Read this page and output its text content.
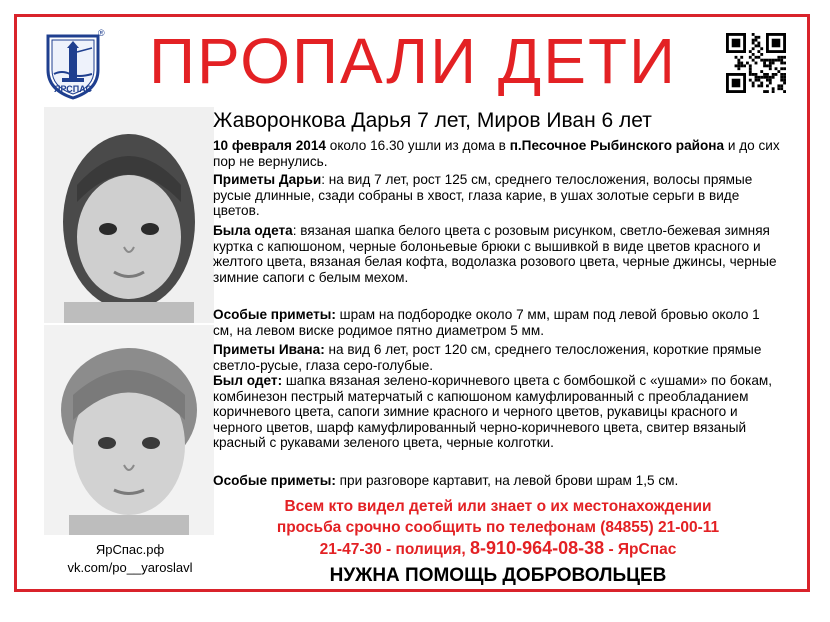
ЯРСПАС
® ПРОПАЛИ ДЕТИ
ЯрСпас.рф
vk.com/po__yaroslavl
Жаворонкова Дарья 7 лет, Миров Иван 6 лет
10 февраля 2014 около 16.30 ушли из дома в п.Песочное Рыбинского района и до сих пор не вернулись.
Приметы Дарьи: на вид 7 лет, рост 125 см, среднего телосложения, волосы прямые русые длинные, сзади собраны в хвост, глаза карие, в ушах золотые серьги в виде цветов.
Была одета: вязаная шапка белого цвета с розовым рисунком, светло-бежевая зимняя куртка с капюшоном, черные болоньевые брюки с вышивкой в виде цветов красного и желтого цвета, вязаная белая кофта, водолазка розового цвета, черные джинсы, черные зимние сапоги с белым мехом.
Особые приметы: шрам на подбородке около 7 мм, шрам под левой бровью около 1 см, на левом виске родимое пятно диаметром 5 мм.
Приметы Ивана: на вид 6 лет, рост 120 см, среднего телосложения, короткие прямые светло-русые, глаза серо-голубые.
Был одет: шапка вязаная зелено-коричневого цвета с бомбошкой с «ушами» по бокам, комбинезон пестрый матерчатый с капюшоном камуфлированный с преобладанием коричневого цвета, сапоги зимние красного и черного цветов, рукавицы красного и черного цветов, шарф камуфлированный черно-коричневого цвета, свитер вязаный красный с рукавами зеленого цвета, черные колготки.
Особые приметы: при разговоре картавит, на левой брови шрам 1,5 см.
Всем кто видел детей или знает о их местонахождении
просьба срочно сообщить по телефонам (84855) 21-00-11
21-47-30 - полиция, 8-910-964-08-38 - ЯрСпас
НУЖНА ПОМОЩЬ ДОБРОВОЛЬЦЕВ
